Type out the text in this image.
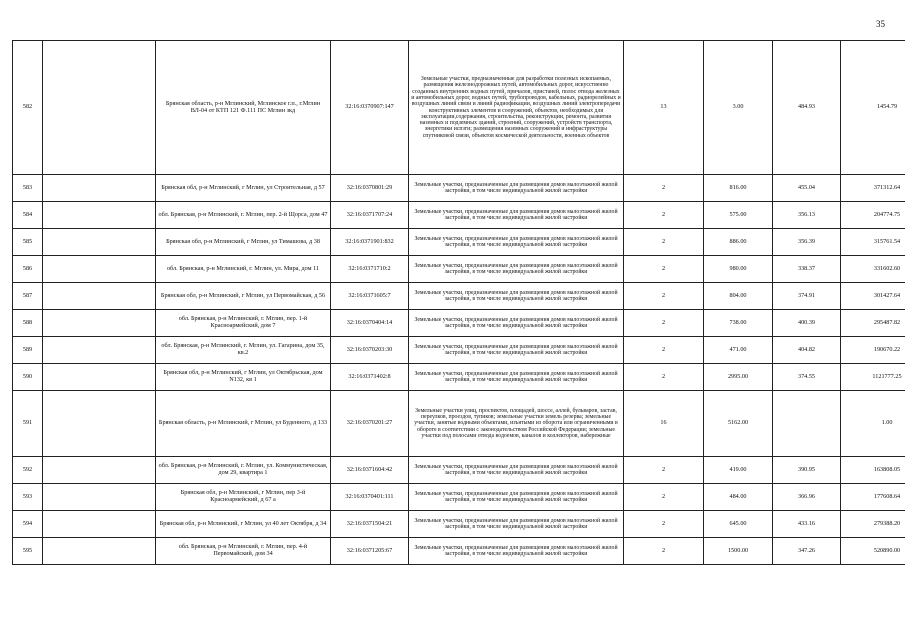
35
582		Брянская область, р-н Мглинский, Мглинское г.п., г.Мглин ВЛ-04 от КТП 121 Ф.111 ПС Мглин зкд	32:16:0370907:147	Земельные участки, предназначенные для разработки полезных ископаемых, размещения железнодорожных путей, автомобильных дорог, искусственно созданных внутренних водных путей, причалов, пристаней, полос отвода железных и автомобильных дорог, водных путей, трубопроводов, кабельных, радиорелейных и воздушных линий связи и линий радиофикации, воздушных линий электропередачи конструктивных элементов и сооружений, объектов, необходимых для эксплуатации,содержания, строительства, реконструкции, ремонта, развития наземных и подземных зданий, строений, сооружений, устройств транспорта, энергетики испзги; размещения наземных сооружений и инфраструктуры спутниковой связи, объектов космической деятельности, военных объектов	13	3.00	484.93	1454.79
583		Брянская обл, р-н Мглинский, г Мглин, ул Строительная, д 57	32:16:0370801:29	Земельные участки, предназначенные для размещения домов малоэтажной жилой застройки, в том числе индивидуальной жилой застройки	2	816.00	455.04	371312.64
584		обл. Брянская, р-н Мглинский, г. Мглин, пер. 2-й Щорса, дом 47	32:16:0371707:24	Земельные участки, предназначенные для размещения домов малоэтажной жилой застройки, в том числе индивидуальной жилой застройки	2	575.00	356.13	204774.75
585		Брянская обл, р-н Мглинский, г Мглин, ул Тимашова, д 38	32:16:0371901:832	Земельные участки, предназначенные для размещения домов малоэтажной жилой застройки, в том числе индивидуальной жилой застройки	2	886.00	356.39	315761.54
586		обл. Брянская, р-н Мглинский, г. Мглин, ул. Мира, дом 11	32:16:0371710:2	Земельные участки, предназначенные для размещения домов малоэтажной жилой застройки, в том числе индивидуальной жилой застройки	2	980.00	338.37	331602.60
587		Брянская обл, р-н Мглинский, г Мглин, ул Первомайская, д 56	32:16:0371605:7	Земельные участки, предназначенные для размещения домов малоэтажной жилой застройки, в том числе индивидуальной жилой застройки	2	804.00	374.91	301427.64
588		обл. Брянская, р-н Мглинский, г. Мглин, пер. 1-й Красноармейский, дом 7	32:16:0370404:14	Земельные участки, предназначенные для размещения домов малоэтажной жилой застройки, в том числе индивидуальной жилой застройки	2	738.00	400.39	295487.82
589		обл. Брянская, р-н Мглинский, г. Мглин, ул. Гагарина, дом 35, кв.2	32:16:0370203:30	Земельные участки, предназначенные для размещения домов малоэтажной жилой застройки, в том числе индивидуальной жилой застройки	2	471.00	404.82	190670.22
590		Брянская обл, р-н Мглинский, г Мглин, ул Октябрьская, дом N132, кв 1	32:16:0371402:8	Земельные участки, предназначенные для размещения домов малоэтажной жилой застройки, в том числе индивидуальной жилой застройки	2	2995.00	374.55	1121777.25
591		Брянская область, р-н Мглинский, г Мглин, ул Буденного, д 133	32:16:0370201:27	Земельные участки улиц, проспектов, площадей, шоссе, аллей, бульваров, застав, переулков, проездов, тупиков; земельные участки земель резерва; земельные участки, занятые водными объектами, изъятыми из оборота или ограниченными в обороте в соответствии с законодательством Российской Федерации; земельные участки под полосами отвода водоемов, каналов и коллекторов, набережные	16	5162.00		1.00
592		обл. Брянская, р-н Мглинский, г. Мглин, ул. Коммунистическая, дом 29, квартира 1	32:16:0371604:42	Земельные участки, предназначенные для размещения домов малоэтажной жилой застройки, в том числе индивидуальной жилой застройки	2	419.00	390.95	163808.05
593		Брянская обл, р-н Мглинский, г Мглин, пер 3-й Красноармейский, д 67 а	32:16:0370401:111	Земельные участки, предназначенные для размещения домов малоэтажной жилой застройки, в том числе индивидуальной жилой застройки	2	484.00	366.96	177608.64
594		Брянская обл, р-н Мглинский, г Мглин, ул 40 лет Октября, д 34	32:16:0371504:21	Земельные участки, предназначенные для размещения домов малоэтажной жилой застройки, в том числе индивидуальной жилой застройки	2	645.00	433.16	279388.20
595		обл. Брянская, р-н Мглинский, г. Мглин, пер. 4-й Первомайский, дом 34	32:16:0371205:67	Земельные участки, предназначенные для размещения домов малоэтажной жилой застройки, в том числе индивидуальной жилой застройки	2	1500.00	347.26	520890.00
